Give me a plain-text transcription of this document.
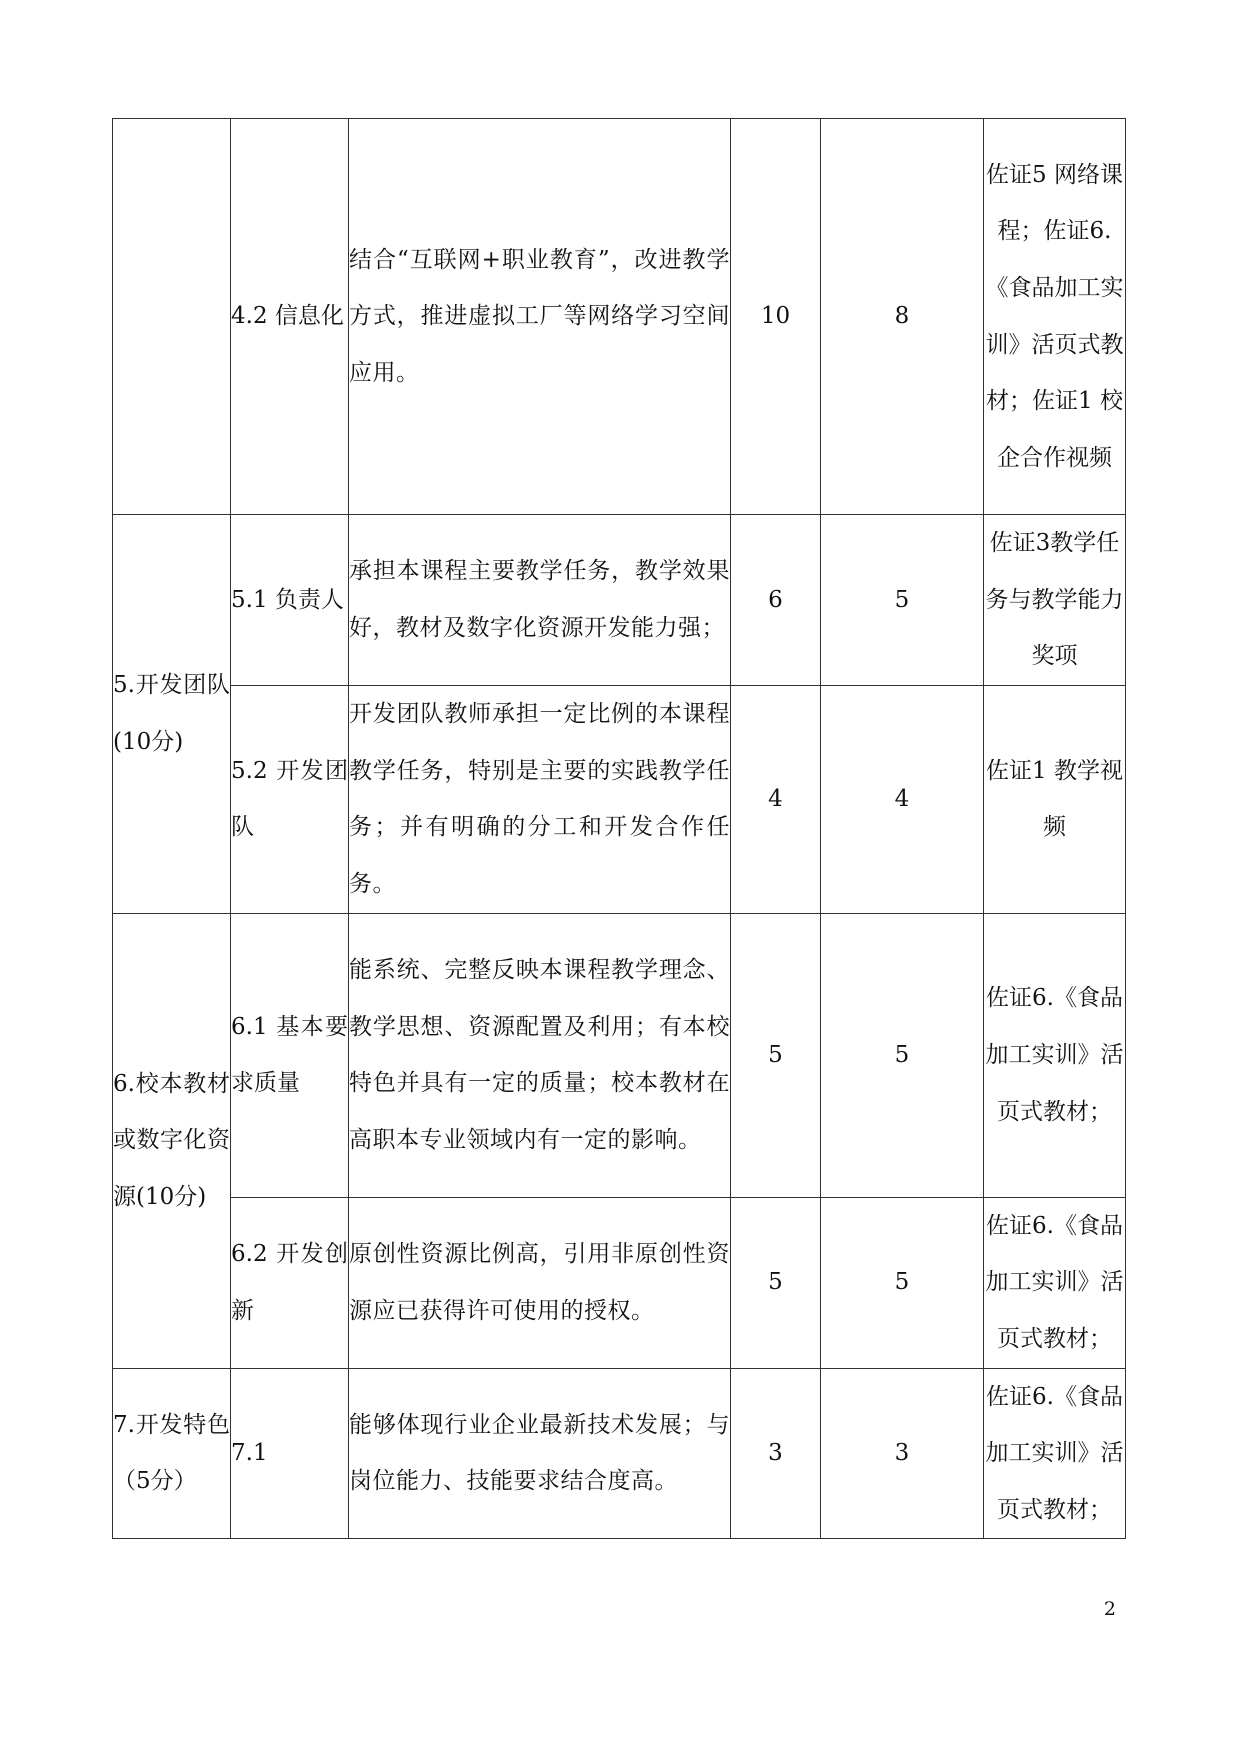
	4.2 信息化	结合“互联网+职业教育”，改进教学方式，推进虚拟工厂等网络学习空间应用。	10	8	佐证5 网络课程；佐证6.《食品加工实训》活页式教材；佐证1 校企合作视频
5.开发团队(10分)	5.1 负责人	承担本课程主要教学任务，教学效果好，教材及数字化资源开发能力强；	6	5	佐证3教学任务与教学能力奖项
	5.2 开发团队	开发团队教师承担一定比例的本课程教学任务，特别是主要的实践教学任务；并有明确的分工和开发合作任务。	4	4	佐证1 教学视频
6.校本教材或数字化资源(10分)	6.1 基本要求质量	能系统、完整反映本课程教学理念、教学思想、资源配置及利用；有本校特色并具有一定的质量；校本教材在高职本专业领域内有一定的影响。	5	5	佐证6.《食品加工实训》活页式教材；
	6.2 开发创新	原创性资源比例高，引用非原创性资源应已获得许可使用的授权。	5	5	佐证6.《食品加工实训》活页式教材；
7.开发特色（5分）	7.1	能够体现行业企业最新技术发展；与岗位能力、技能要求结合度高。	3	3	佐证6.《食品加工实训》活页式教材；
2
